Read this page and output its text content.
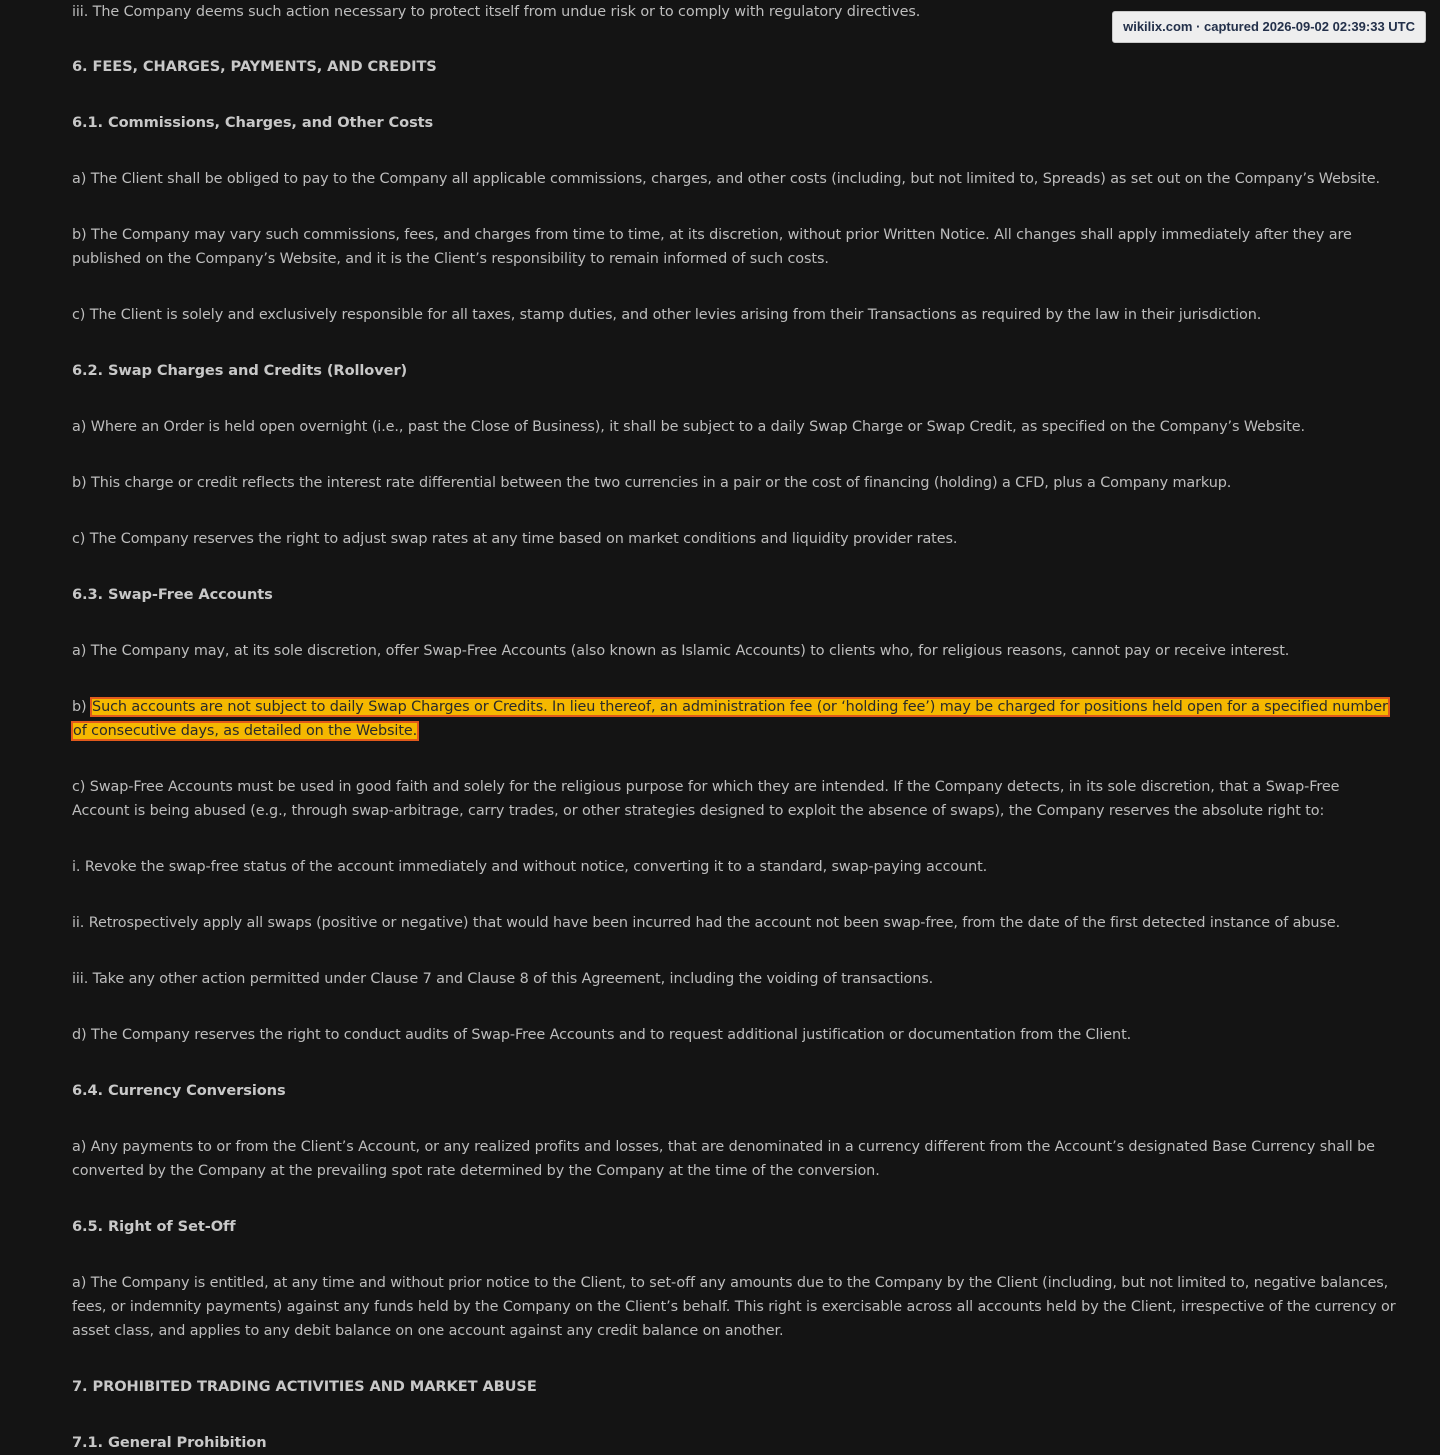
iii. The Company deems such action necessary to protect itself from undue risk or to comply with regulatory directives.

6. FEES, CHARGES, PAYMENTS, AND CREDITS

6.1. Commissions, Charges, and Other Costs

a) The Client shall be obliged to pay to the Company all applicable commissions, charges, and other costs (including, but not limited to, Spreads) as set out on the Company’s Website.

b) The Company may vary such commissions, fees, and charges from time to time, at its discretion, without prior Written Notice. All changes shall apply immediately after they are

published on the Company’s Website, and it is the Client’s responsibility to remain informed of such costs.

c) The Client is solely and exclusively responsible for all taxes, stamp duties, and other levies arising from their Transactions as required by the law in their jurisdiction.

6.2. Swap Charges and Credits (Rollover)

a) Where an Order is held open overnight (i.e., past the Close of Business), it shall be subject to a daily Swap Charge or Swap Credit, as specified on the Company’s Website.

b) This charge or credit reflects the interest rate differential between the two currencies in a pair or the cost of financing (holding) a CFD, plus a Company markup.

c) The Company reserves the right to adjust swap rates at any time based on market conditions and liquidity provider rates.

6.3. Swap-Free Accounts

a) The Company may, at its sole discretion, offer Swap-Free Accounts (also known as Islamic Accounts) to clients who, for religious reasons, cannot pay or receive interest.

b) Such accounts are not subject to daily Swap Charges or Credits. In lieu thereof, an administration fee (or ‘holding fee’) may be charged for positions held open for a specified number

of consecutive days, as detailed on the Website.

c) Swap-Free Accounts must be used in good faith and solely for the religious purpose for which they are intended. If the Company detects, in its sole discretion, that a Swap-Free

Account is being abused (e.g., through swap-arbitrage, carry trades, or other strategies designed to exploit the absence of swaps), the Company reserves the absolute right to:

i. Revoke the swap-free status of the account immediately and without notice, converting it to a standard, swap-paying account.

ii. Retrospectively apply all swaps (positive or negative) that would have been incurred had the account not been swap-free, from the date of the first detected instance of abuse.

iii. Take any other action permitted under Clause 7 and Clause 8 of this Agreement, including the voiding of transactions.

d) The Company reserves the right to conduct audits of Swap-Free Accounts and to request additional justification or documentation from the Client.

6.4. Currency Conversions

a) Any payments to or from the Client’s Account, or any realized profits and losses, that are denominated in a currency different from the Account’s designated Base Currency shall be

converted by the Company at the prevailing spot rate determined by the Company at the time of the conversion.

6.5. Right of Set-Off

a) The Company is entitled, at any time and without prior notice to the Client, to set-off any amounts due to the Company by the Client (including, but not limited to, negative balances,

fees, or indemnity payments) against any funds held by the Company on the Client’s behalf. This right is exercisable across all accounts held by the Client, irrespective of the currency or

asset class, and applies to any debit balance on one account against any credit balance on another.

7. PROHIBITED TRADING ACTIVITIES AND MARKET ABUSE

7.1. General Prohibition

wikilix.com · captured 2026-09-02 02:39:33 UTC
